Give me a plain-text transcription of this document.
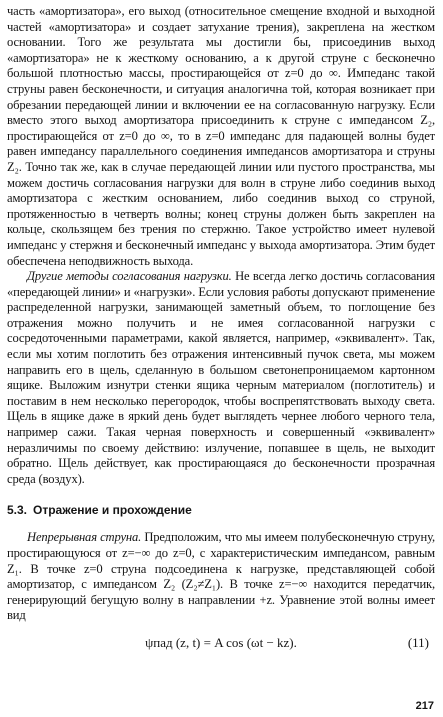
часть «амортизатора», его выход (относительное смещение входной и выходной частей «амортизатора» и создает затухание трения), закреплена на жестком основании. Того же результата мы достигли бы, присоединив выход «амортизатора» не к жесткому основанию, а к другой струне с бесконечно большой плотностью массы, простирающейся от z=0 до ∞. Импеданс такой струны равен бесконечности, и ситуация аналогична той, которая возникает при обрезании передающей линии и включении ее на согласованную нагрузку. Если вместо этого выход амортизатора присоединить к струне с импедансом Z₂, простирающейся от z=0 до ∞, то в z=0 импеданс для падающей волны будет равен импедансу параллельного соединения импедансов амортизатора и струны Z₂. Точно так же, как в случае передающей линии или пустого пространства, мы можем достичь согласования нагрузки для волн в струне либо соединив выход амортизатора с жестким основанием, либо соединив выход со струной, протяженностью в четверть волны; конец струны должен быть закреплен на кольце, скользящем без трения по стержню. Такое устройство имеет нулевой импеданс у стержня и бесконечный импеданс у выхода амортизатора. Этим будет обеспечена неподвижность выхода.

Другие методы согласования нагрузки. Не всегда легко достичь согласования «передающей линии» и «нагрузки». Если условия работы допускают применение распределенной нагрузки, занимающей заметный объем, то поглощение без отражения можно получить и не имея согласованной нагрузки с сосредоточенными параметрами, какой является, например, «эквивалент». Так, если мы хотим поглотить без отражения интенсивный пучок света, мы можем направить его в щель, сделанную в большом светонепроницаемом картонном ящике. Выложим изнутри стенки ящика черным материалом (поглотитель) и поставим в нем несколько перегородок, чтобы воспрепятствовать выходу света. Щель в ящике даже в яркий день будет выглядеть чернее любого черного тела, например сажи. Такая черная поверхность и совершенный «эквивалент» неразличимы по своему действию: излучение, попавшее в щель, не выходит обратно. Щель действует, как простирающаяся до бесконечности прозрачная среда (воздух).

5.3. Отражение и прохождение

Непрерывная струна. Предположим, что мы имеем полубесконечную струну, простирающуюся от z=−∞ до z=0, с характеристическим импедансом, равным Z₁. В точке z=0 струна подсоединена к нагрузке, представляющей собой амортизатор, с импедансом Z₂ (Z₂≠Z₁). В точке z=−∞ находится передатчик, генерирующий бегущую волну в направлении +z. Уравнение этой волны имеет вид

ψпад (z, t) = A cos (ωt − kz).	(11)
217
